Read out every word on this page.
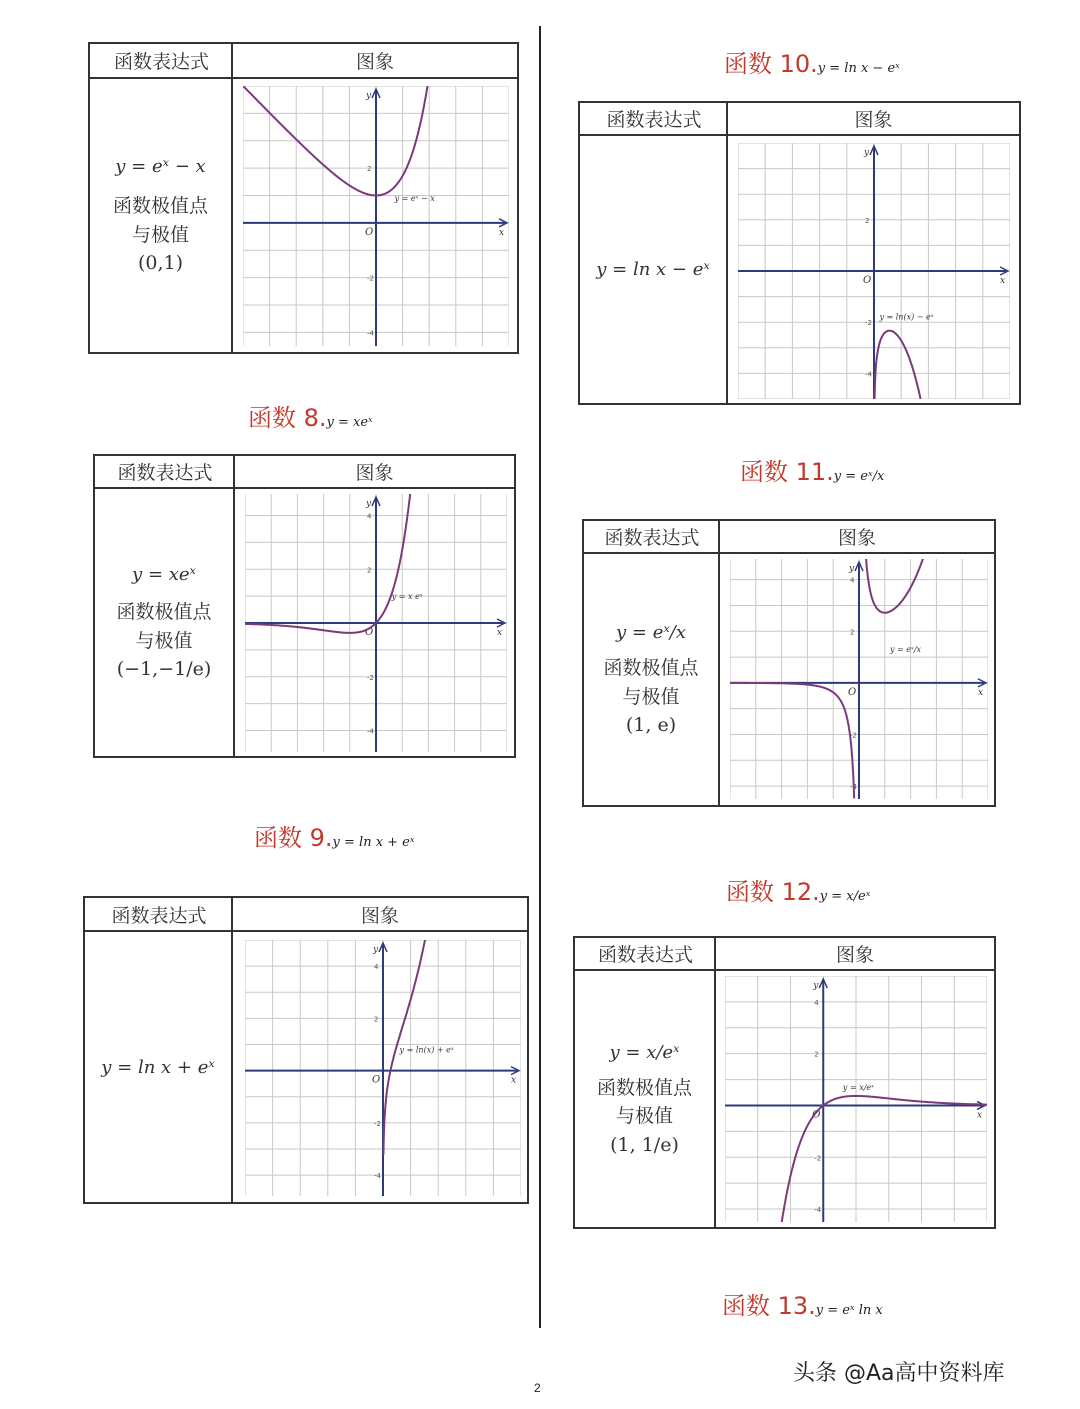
函数表达式	图象
y = eˣ − x
函数极值点
与极值
(0,1)
x
y
O
2
-2
-4
y = eˣ − x
函数 8.y = xeˣ
函数表达式	图象
y = xeˣ
函数极值点
与极值
(−1,−1/e)
x
y
O
2
-2
-4
4
y = x eˣ
函数 9.y = ln x + eˣ
函数表达式	图象
y = ln x + eˣ
x
y
O
2
-2
-4
4
y = ln(x) + eˣ
函数 10.y = ln x − eˣ
函数表达式	图象
y = ln x − eˣ
x
y
O
2
-2
-4
y = ln(x) − eˣ
函数 11.y = eˣ/x
函数表达式	图象
y = eˣ/x
函数极值点
与极值
(1, e)
x
y
O
2
-2
-4
4
y = eˣ/x
函数 12.y = x/eˣ
函数表达式	图象
y = x/eˣ
函数极值点
与极值
(1, 1/e)
x
y
O
2
-2
-4
4
y = x/eˣ
函数 13.y = eˣ ln x
2
头条 @Aa高中资料库
